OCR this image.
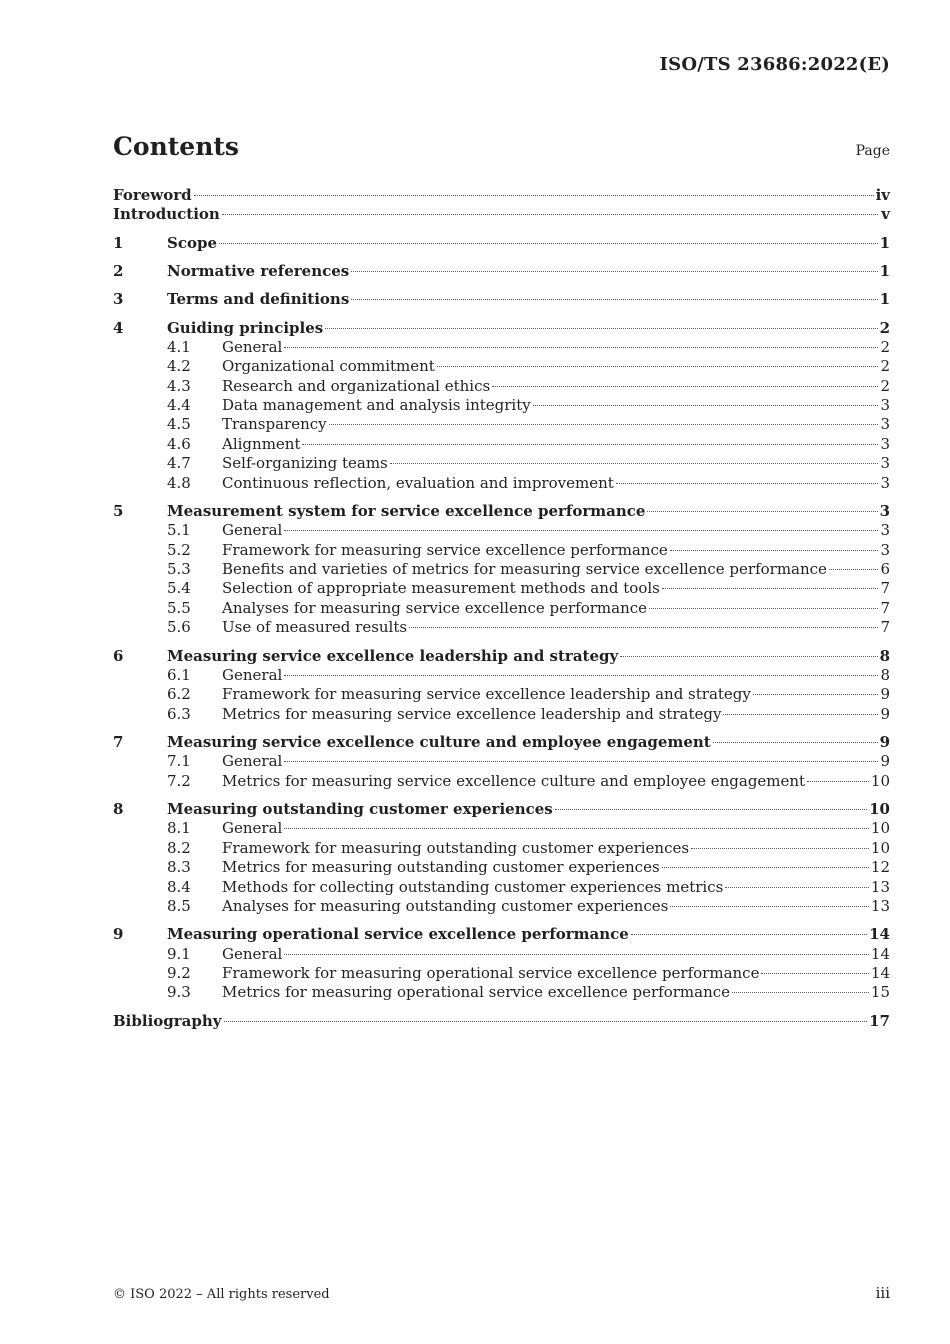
ISO/TS 23686:2022(E)
Contents	Page
Foreword	iv
Introduction	v
1	Scope	1
2	Normative references	1
3	Terms and definitions	1
4	Guiding principles	2
4.1	General	2
4.2	Organizational commitment	2
4.3	Research and organizational ethics	2
4.4	Data management and analysis integrity	3
4.5	Transparency	3
4.6	Alignment	3
4.7	Self-organizing teams	3
4.8	Continuous reflection, evaluation and improvement	3
5	Measurement system for service excellence performance	3
5.1	General	3
5.2	Framework for measuring service excellence performance	3
5.3	Benefits and varieties of metrics for measuring service excellence performance	6
5.4	Selection of appropriate measurement methods and tools	7
5.5	Analyses for measuring service excellence performance	7
5.6	Use of measured results	7
6	Measuring service excellence leadership and strategy	8
6.1	General	8
6.2	Framework for measuring service excellence leadership and strategy	9
6.3	Metrics for measuring service excellence leadership and strategy	9
7	Measuring service excellence culture and employee engagement	9
7.1	General	9
7.2	Metrics for measuring service excellence culture and employee engagement	10
8	Measuring outstanding customer experiences	10
8.1	General	10
8.2	Framework for measuring outstanding customer experiences	10
8.3	Metrics for measuring outstanding customer experiences	12
8.4	Methods for collecting outstanding customer experiences metrics	13
8.5	Analyses for measuring outstanding customer experiences	13
9	Measuring operational service excellence performance	14
9.1	General	14
9.2	Framework for measuring operational service excellence performance	14
9.3	Metrics for measuring operational service excellence performance	15
Bibliography	17
© ISO 2022 – All rights reserved	iii
